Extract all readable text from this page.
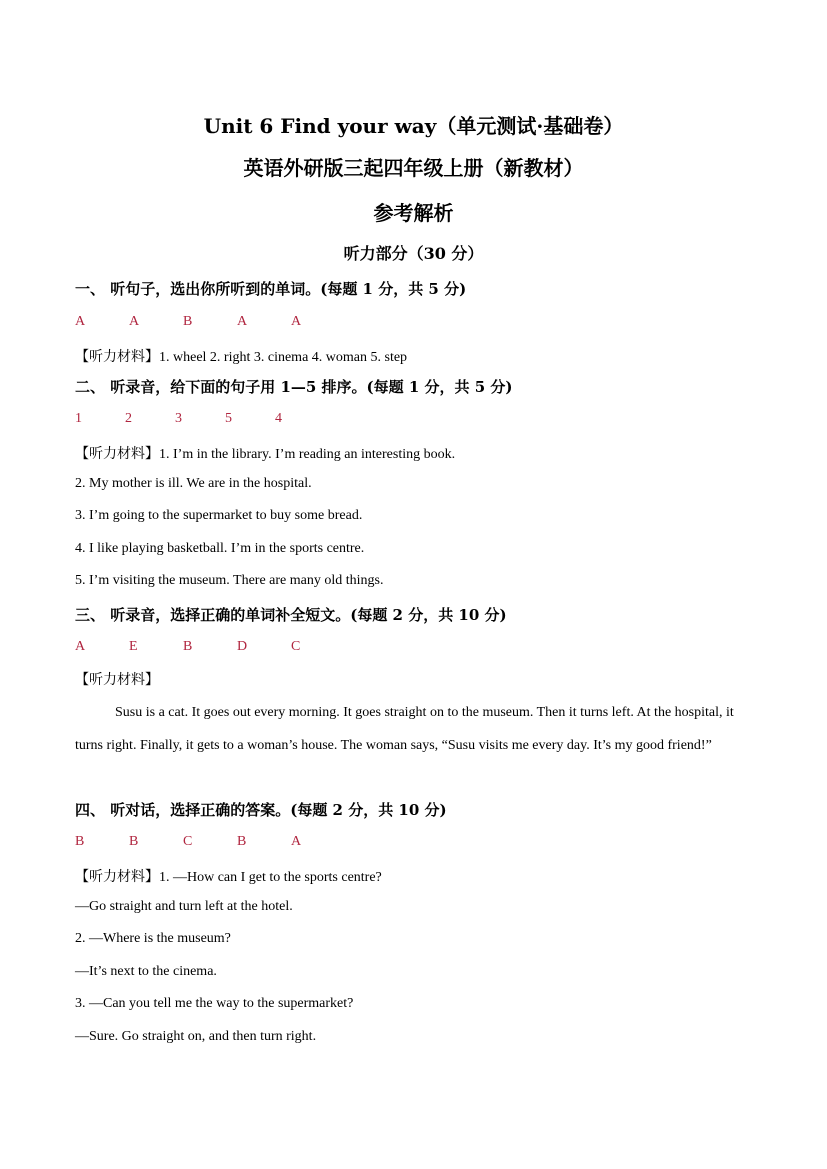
Unit 6 Find your way（单元测试·基础卷）
英语外研版三起四年级上册（新教材）
参考解析
听力部分（30 分）
一、 听句子，选出你所听到的单词。(每题 1 分，共 5 分)
A	A	B	A	A
【听力材料】1. wheel 2. right 3. cinema 4. woman 5. step
二、 听录音，给下面的句子用 1—5 排序。(每题 1 分，共 5 分)
1	2	3	5	4
【听力材料】1. I’m in the library. I’m reading an interesting book.
2. My mother is ill. We are in the hospital.
3. I’m going to the supermarket to buy some bread.
4. I like playing basketball. I’m in the sports centre.
5. I’m visiting the museum. There are many old things.
三、 听录音，选择正确的单词补全短文。(每题 2 分，共 10 分)
A	E	B	D	C
【听力材料】
Susu is a cat. It goes out every morning. It goes straight on to the museum. Then it turns left. At the hospital, it turns right. Finally, it gets to a woman’s house. The woman says, “Susu visits me every day. It’s my good friend!”
四、 听对话，选择正确的答案。(每题 2 分，共 10 分)
B	B	C	B	A
【听力材料】1. —How can I get to the sports centre?
—Go straight and turn left at the hotel.
2. —Where is the museum?
—It’s next to the cinema.
3. —Can you tell me the way to the supermarket?
—Sure. Go straight on, and then turn right.
